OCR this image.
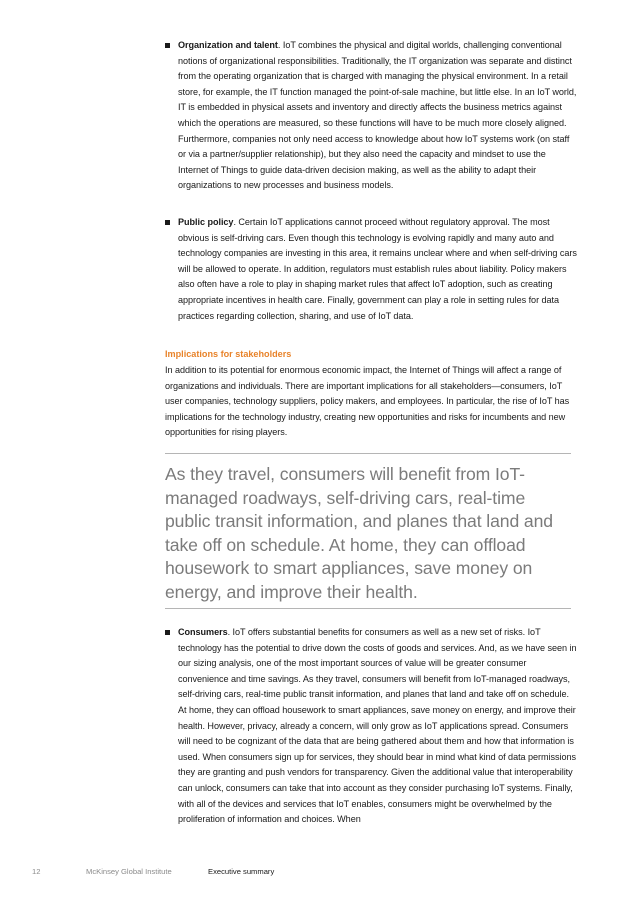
Organization and talent. IoT combines the physical and digital worlds, challenging conventional notions of organizational responsibilities. Traditionally, the IT organization was separate and distinct from the operating organization that is charged with managing the physical environment. In a retail store, for example, the IT function managed the point-of-sale machine, but little else. In an IoT world, IT is embedded in physical assets and inventory and directly affects the business metrics against which the operations are measured, so these functions will have to be much more closely aligned. Furthermore, companies not only need access to knowledge about how IoT systems work (on staff or via a partner/supplier relationship), but they also need the capacity and mindset to use the Internet of Things to guide data-driven decision making, as well as the ability to adapt their organizations to new processes and business models.
Public policy. Certain IoT applications cannot proceed without regulatory approval. The most obvious is self-driving cars. Even though this technology is evolving rapidly and many auto and technology companies are investing in this area, it remains unclear where and when self-driving cars will be allowed to operate. In addition, regulators must establish rules about liability. Policy makers also often have a role to play in shaping market rules that affect IoT adoption, such as creating appropriate incentives in health care. Finally, government can play a role in setting rules for data practices regarding collection, sharing, and use of IoT data.
Implications for stakeholders
In addition to its potential for enormous economic impact, the Internet of Things will affect a range of organizations and individuals. There are important implications for all stakeholders—consumers, IoT user companies, technology suppliers, policy makers, and employees. In particular, the rise of IoT has implications for the technology industry, creating new opportunities and risks for incumbents and new opportunities for rising players.
As they travel, consumers will benefit from IoT-managed roadways, self-driving cars, real-time public transit information, and planes that land and take off on schedule. At home, they can offload housework to smart appliances, save money on energy, and improve their health.
Consumers. IoT offers substantial benefits for consumers as well as a new set of risks. IoT technology has the potential to drive down the costs of goods and services. And, as we have seen in our sizing analysis, one of the most important sources of value will be greater consumer convenience and time savings. As they travel, consumers will benefit from IoT-managed roadways, self-driving cars, real-time public transit information, and planes that land and take off on schedule. At home, they can offload housework to smart appliances, save money on energy, and improve their health. However, privacy, already a concern, will only grow as IoT applications spread. Consumers will need to be cognizant of the data that are being gathered about them and how that information is used. When consumers sign up for services, they should bear in mind what kind of data permissions they are granting and push vendors for transparency. Given the additional value that interoperability can unlock, consumers can take that into account as they consider purchasing IoT systems. Finally, with all of the devices and services that IoT enables, consumers might be overwhelmed by the proliferation of information and choices. When
12	McKinsey Global Institute	Executive summary
